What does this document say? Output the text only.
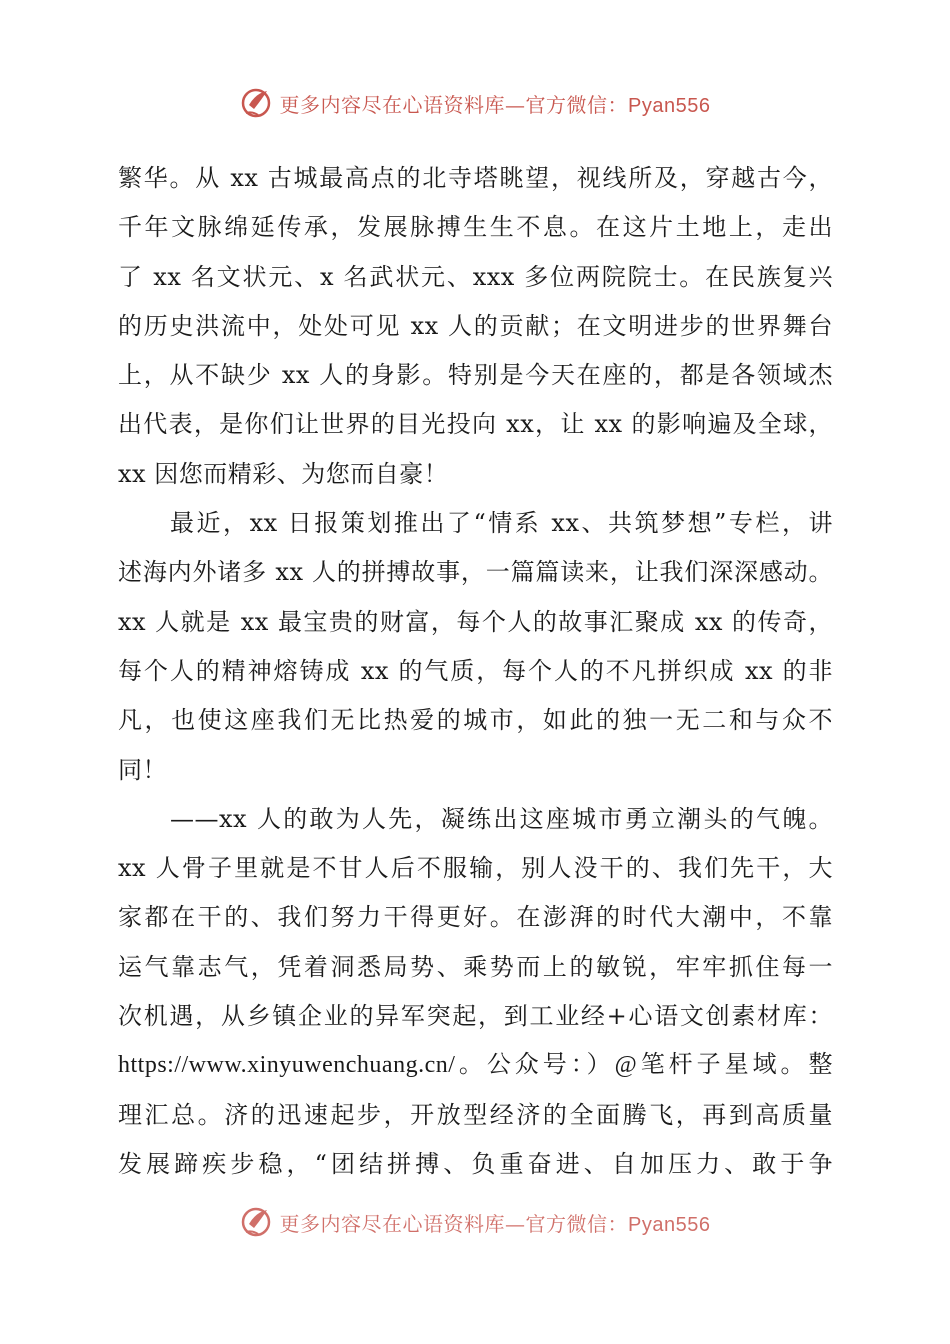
更多内容尽在心语资料库—官方微信：Pyan556
繁华。从 xx 古城最高点的北寺塔眺望，视线所及，穿越古今，
千年文脉绵延传承，发展脉搏生生不息。在这片土地上，走出
了 xx 名文状元、x 名武状元、xxx 多位两院院士。在民族复兴
的历史洪流中，处处可见 xx 人的贡献；在文明进步的世界舞台
上，从不缺少 xx 人的身影。特别是今天在座的，都是各领域杰
出代表，是你们让世界的目光投向 xx，让 xx 的影响遍及全球，
xx 因您而精彩、为您而自豪！
最近，xx 日报策划推出了“情系 xx、共筑梦想”专栏，讲
述海内外诸多 xx 人的拼搏故事，一篇篇读来，让我们深深感动。
xx 人就是 xx 最宝贵的财富，每个人的故事汇聚成 xx 的传奇，
每个人的精神熔铸成 xx 的气质，每个人的不凡拼织成 xx 的非
凡，也使这座我们无比热爱的城市，如此的独一无二和与众不
同！
——xx 人的敢为人先，凝练出这座城市勇立潮头的气魄。
xx 人骨子里就是不甘人后不服输，别人没干的、我们先干，大
家都在干的、我们努力干得更好。在澎湃的时代大潮中，不靠
运气靠志气，凭着洞悉局势、乘势而上的敏锐，牢牢抓住每一
次机遇，从乡镇企业的异军突起，到工业经+心语文创素材库：
https://www.xinyuwenchuang.cn/。公众号：）@笔杆子星域。整
理汇总。济的迅速起步，开放型经济的全面腾飞，再到高质量
发展蹄疾步稳，“团结拼搏、负重奋进、自加压力、敢于争
更多内容尽在心语资料库—官方微信：Pyan556
